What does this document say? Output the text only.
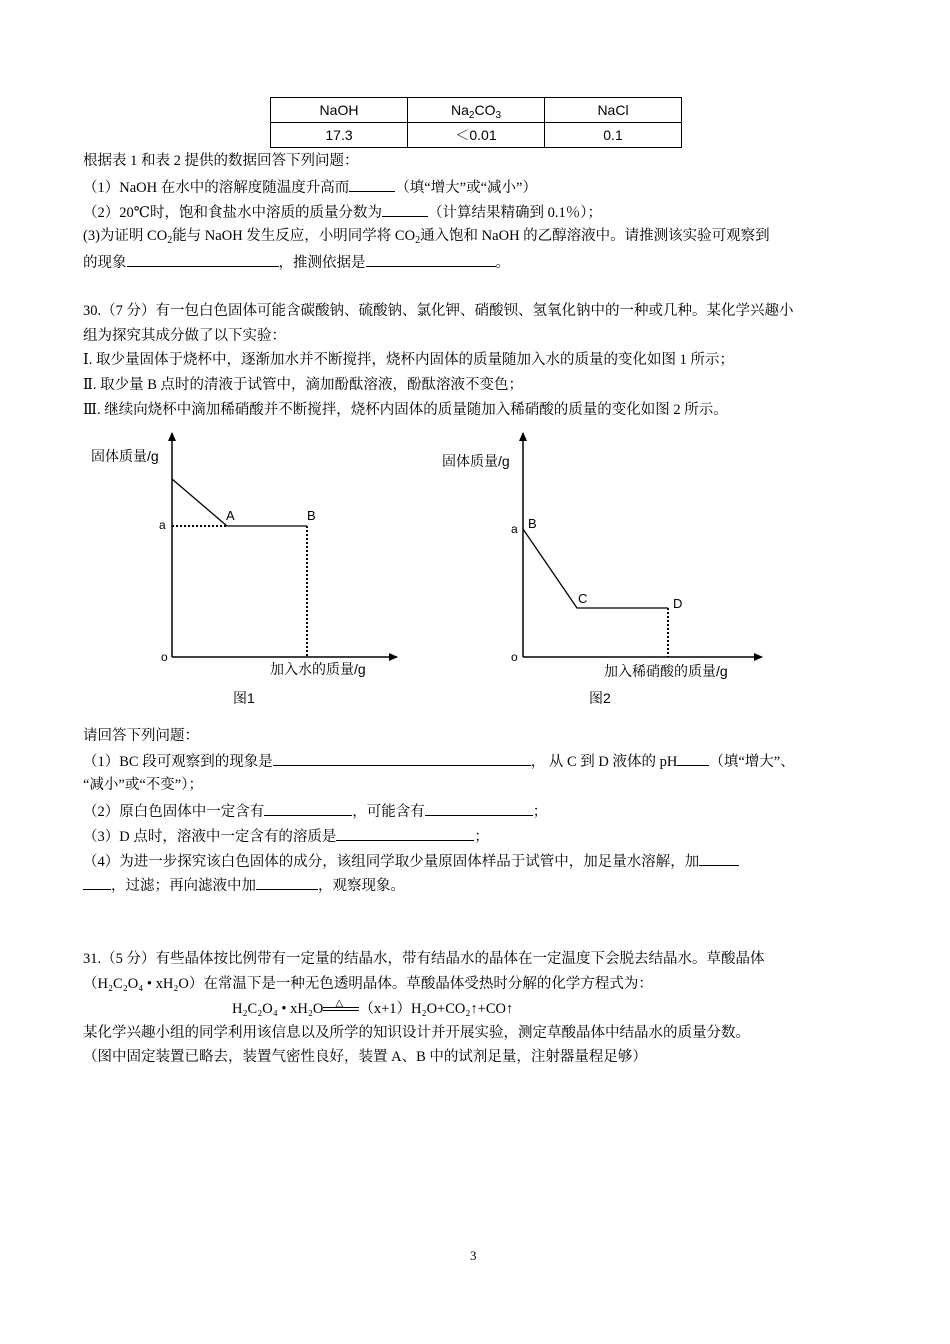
NaOH	$Na_2CO_3$	NaCl
17.3	＜0.01	0.1
根据表 1 和表 2 提供的数据回答下列问题：
（1）NaOH 在水中的溶解度随温度升高而	（填“增大”或“减小”）
（2）20℃时，饱和食盐水中溶质的质量分数为	（计算结果精确到 0.1％）；
(3)为证明 $CO_2$能与 NaOH 发生反应，小明同学将 $CO_2$通入饱和 NaOH 的乙醇溶液中。请推测该实验可观察到
的现象	，推测依据是	。
30.（7 分）有一包白色固体可能含碳酸钠、硫酸钠、氯化钾、硝酸钡、氢氧化钠中的一种或几种。某化学兴趣小
组为探究其成分做了以下实验：
Ⅰ. 取少量固体于烧杯中，逐渐加水并不断搅拌，烧杯内固体的质量随加入水的质量的变化如图 1 所示；
Ⅱ. 取少量 B 点时的清液于试管中，滴加酚酞溶液，酚酞溶液不变色；
Ⅲ. 继续向烧杯中滴加稀硝酸并不断搅拌，烧杯内固体的质量随加入稀硝酸的质量的变化如图 2 所示。
固体质量/g
a
o
A	B
加入水的质量/g
图1
固体质量/g
a
o
B
C	D
加入稀硝酸的质量/g
图2
请回答下列问题：
（1）BC 段可观察到的现象是	， 从 C 到 D 液体的 pH （填“增大”、
“减小”或“不变”）；
（2）原白色固体中一定含有	，可能含有	；
（3）D 点时，溶液中一定含有的溶质是	；
（4）为进一步探究该白色固体的成分，该组同学取少量原固体样品于试管中，加足量水溶解，加
，过滤；再向滤液中加	，观察现象。
31.（5 分）有些晶体按比例带有一定量的结晶水，带有结晶水的晶体在一定温度下会脱去结晶水。草酸晶体
（H₂C₂O₄ • xH₂O）在常温下是一种无色透明晶体。草酸晶体受热时分解的化学方程式为：
H₂C₂O₄ • xH₂O △ （x+1）H₂O+CO₂↑+CO↑
某化学兴趣小组的同学利用该信息以及所学的知识设计并开展实验，测定草酸晶体中结晶水的质量分数。
（图中固定装置已略去，装置气密性良好，装置 A、B 中的试剂足量，注射器量程足够）
3
